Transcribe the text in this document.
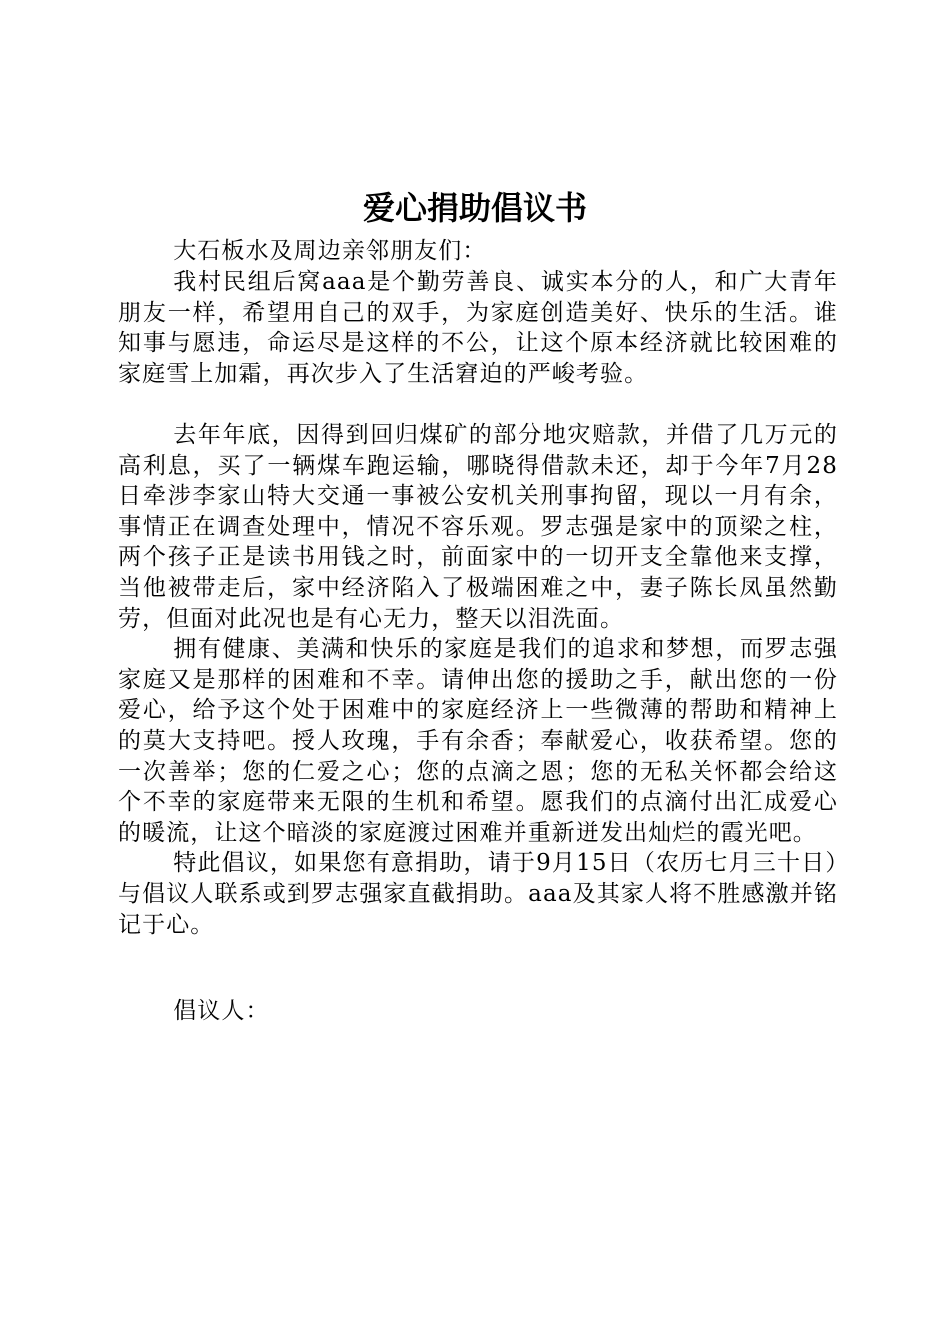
爱心捐助倡议书

大石板水及周边亲邻朋友们：

我村民组后窝aaa是个勤劳善良、诚实本分的人，和广大青年朋友一样，希望用自己的双手，为家庭创造美好、快乐的生活。谁知事与愿违，命运尽是这样的不公，让这个原本经济就比较困难的家庭雪上加霜，再次步入了生活窘迫的严峻考验。

去年年底，因得到回归煤矿的部分地灾赔款，并借了几万元的高利息，买了一辆煤车跑运输，哪晓得借款未还，却于今年7月28日牵涉李家山特大交通一事被公安机关刑事拘留，现以一月有余，事情正在调查处理中，情况不容乐观。罗志强是家中的顶梁之柱，两个孩子正是读书用钱之时，前面家中的一切开支全靠他来支撑，当他被带走后，家中经济陷入了极端困难之中，妻子陈长凤虽然勤劳，但面对此况也是有心无力，整天以泪洗面。

拥有健康、美满和快乐的家庭是我们的追求和梦想，而罗志强家庭又是那样的困难和不幸。请伸出您的援助之手，献出您的一份爱心，给予这个处于困难中的家庭经济上一些微薄的帮助和精神上的莫大支持吧。授人玫瑰，手有余香；奉献爱心，收获希望。您的一次善举；您的仁爱之心；您的点滴之恩；您的无私关怀都会给这个不幸的家庭带来无限的生机和希望。愿我们的点滴付出汇成爱心的暖流，让这个暗淡的家庭渡过困难并重新迸发出灿烂的霞光吧。

特此倡议，如果您有意捐助，请于9月15日（农历七月三十日）与倡议人联系或到罗志强家直截捐助。aaa及其家人将不胜感激并铭记于心。

倡议人：
